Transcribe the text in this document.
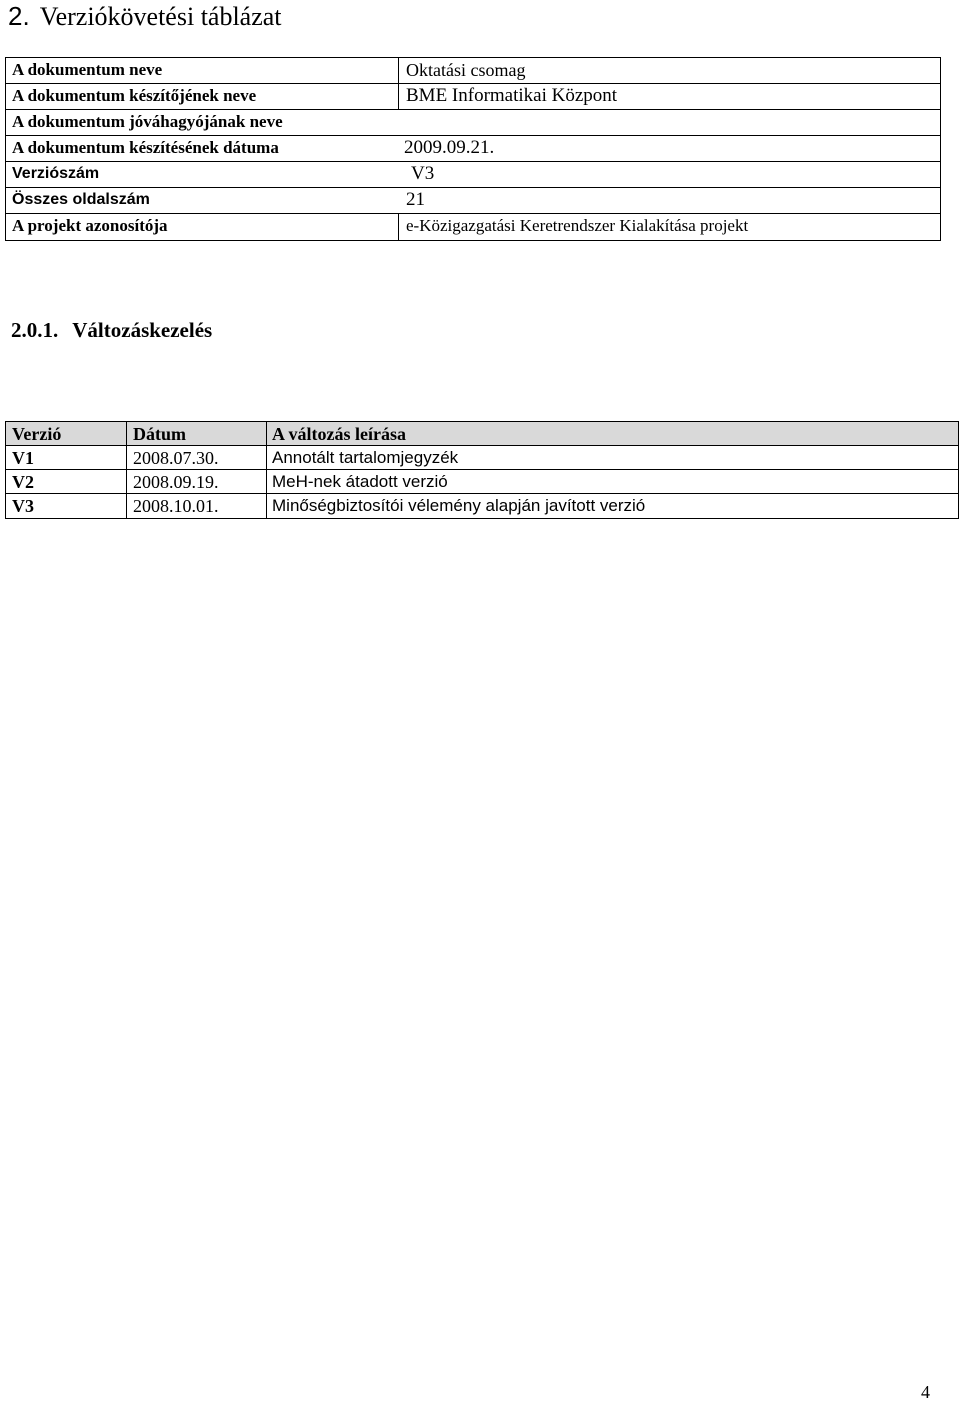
2. Verziókövetési táblázat
A dokumentum neve	Oktatási csomag
A dokumentum készítőjének neve	BME Informatikai Központ
A dokumentum jóváhagyójának neve
A dokumentum készítésének dátuma	2009.09.21.
Verziószám	V3
Összes oldalszám	21
A projekt azonosítója	e-Közigazgatási Keretrendszer Kialakítása projekt
2.0.1. Változáskezelés
Verzió	Dátum	A változás leírása
V1	2008.07.30.	Annotált tartalomjegyzék
V2	2008.09.19.	MeH-nek átadott verzió
V3	2008.10.01.	Minőségbiztosítói vélemény alapján javított verzió
4
